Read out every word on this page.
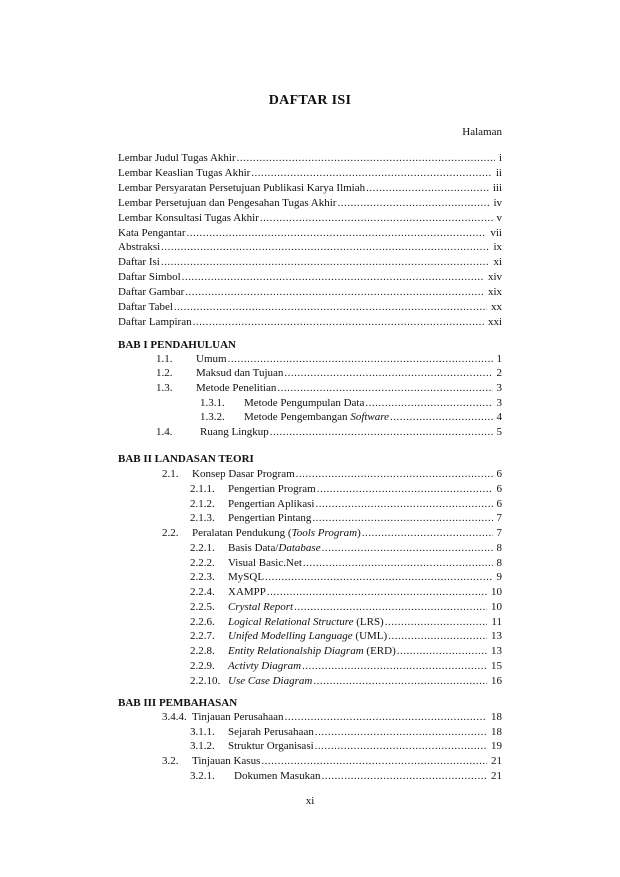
DAFTAR ISI
Halaman
Lembar Judul Tugas Akhir .....	i
Lembar Keaslian Tugas Akhir .....	ii
Lembar Persyaratan Persetujuan Publikasi Karya Ilmiah .....	iii
Lembar Persetujuan dan Pengesahan Tugas Akhir .....	iv
Lembar Konsultasi Tugas Akhir .....	v
Kata Pengantar .....	vii
Abstraksi .....	ix
Daftar Isi .....	xi
Daftar Simbol .....	xiv
Daftar Gambar .....	xix
Daftar Tabel .....	xx
Daftar Lampiran .....	xxi
BAB I PENDAHULUAN
1.1. Umum .....	1
1.2. Maksud dan Tujuan .....	2
1.3. Metode Penelitian .....	3
1.3.1. Metode Pengumpulan Data .....	3
1.3.2. Metode Pengembangan Software .....	4
1.4.	Ruang Lingkup .....	5
BAB II LANDASAN TEORI
2.1. Konsep Dasar Program .....	6
2.1.1. Pengertian Program .....	6
2.1.2. Pengertian Aplikasi .....	6
2.1.3. Pengertian Pintang .....	7
2.2. Peralatan Pendukung (Tools Program) .....	7
2.2.1. Basis Data/Database .....	8
2.2.2. Visual Basic.Net .....	8
2.2.3. MySQL .....	9
2.2.4. XAMPP .....	10
2.2.5. Crystal Report .....	10
2.2.6. Logical Relational Structure (LRS) .....	11
2.2.7. Unifed Modelling Language (UML) .....	13
2.2.8. Entity Relationalship Diagram (ERD) .....	13
2.2.9. Activty Diagram .....	15
2.2.10. Use Case Diagram .....	16
BAB III PEMBAHASAN
3.4.4. Tinjauan Perusahaan .....	18
3.1.1. Sejarah Perusahaan .....	18
3.1.2. Struktur Organisasi .....	19
3.2. Tinjauan Kasus .....	21
3.2.1. Dokumen Masukan .....	21
xi
